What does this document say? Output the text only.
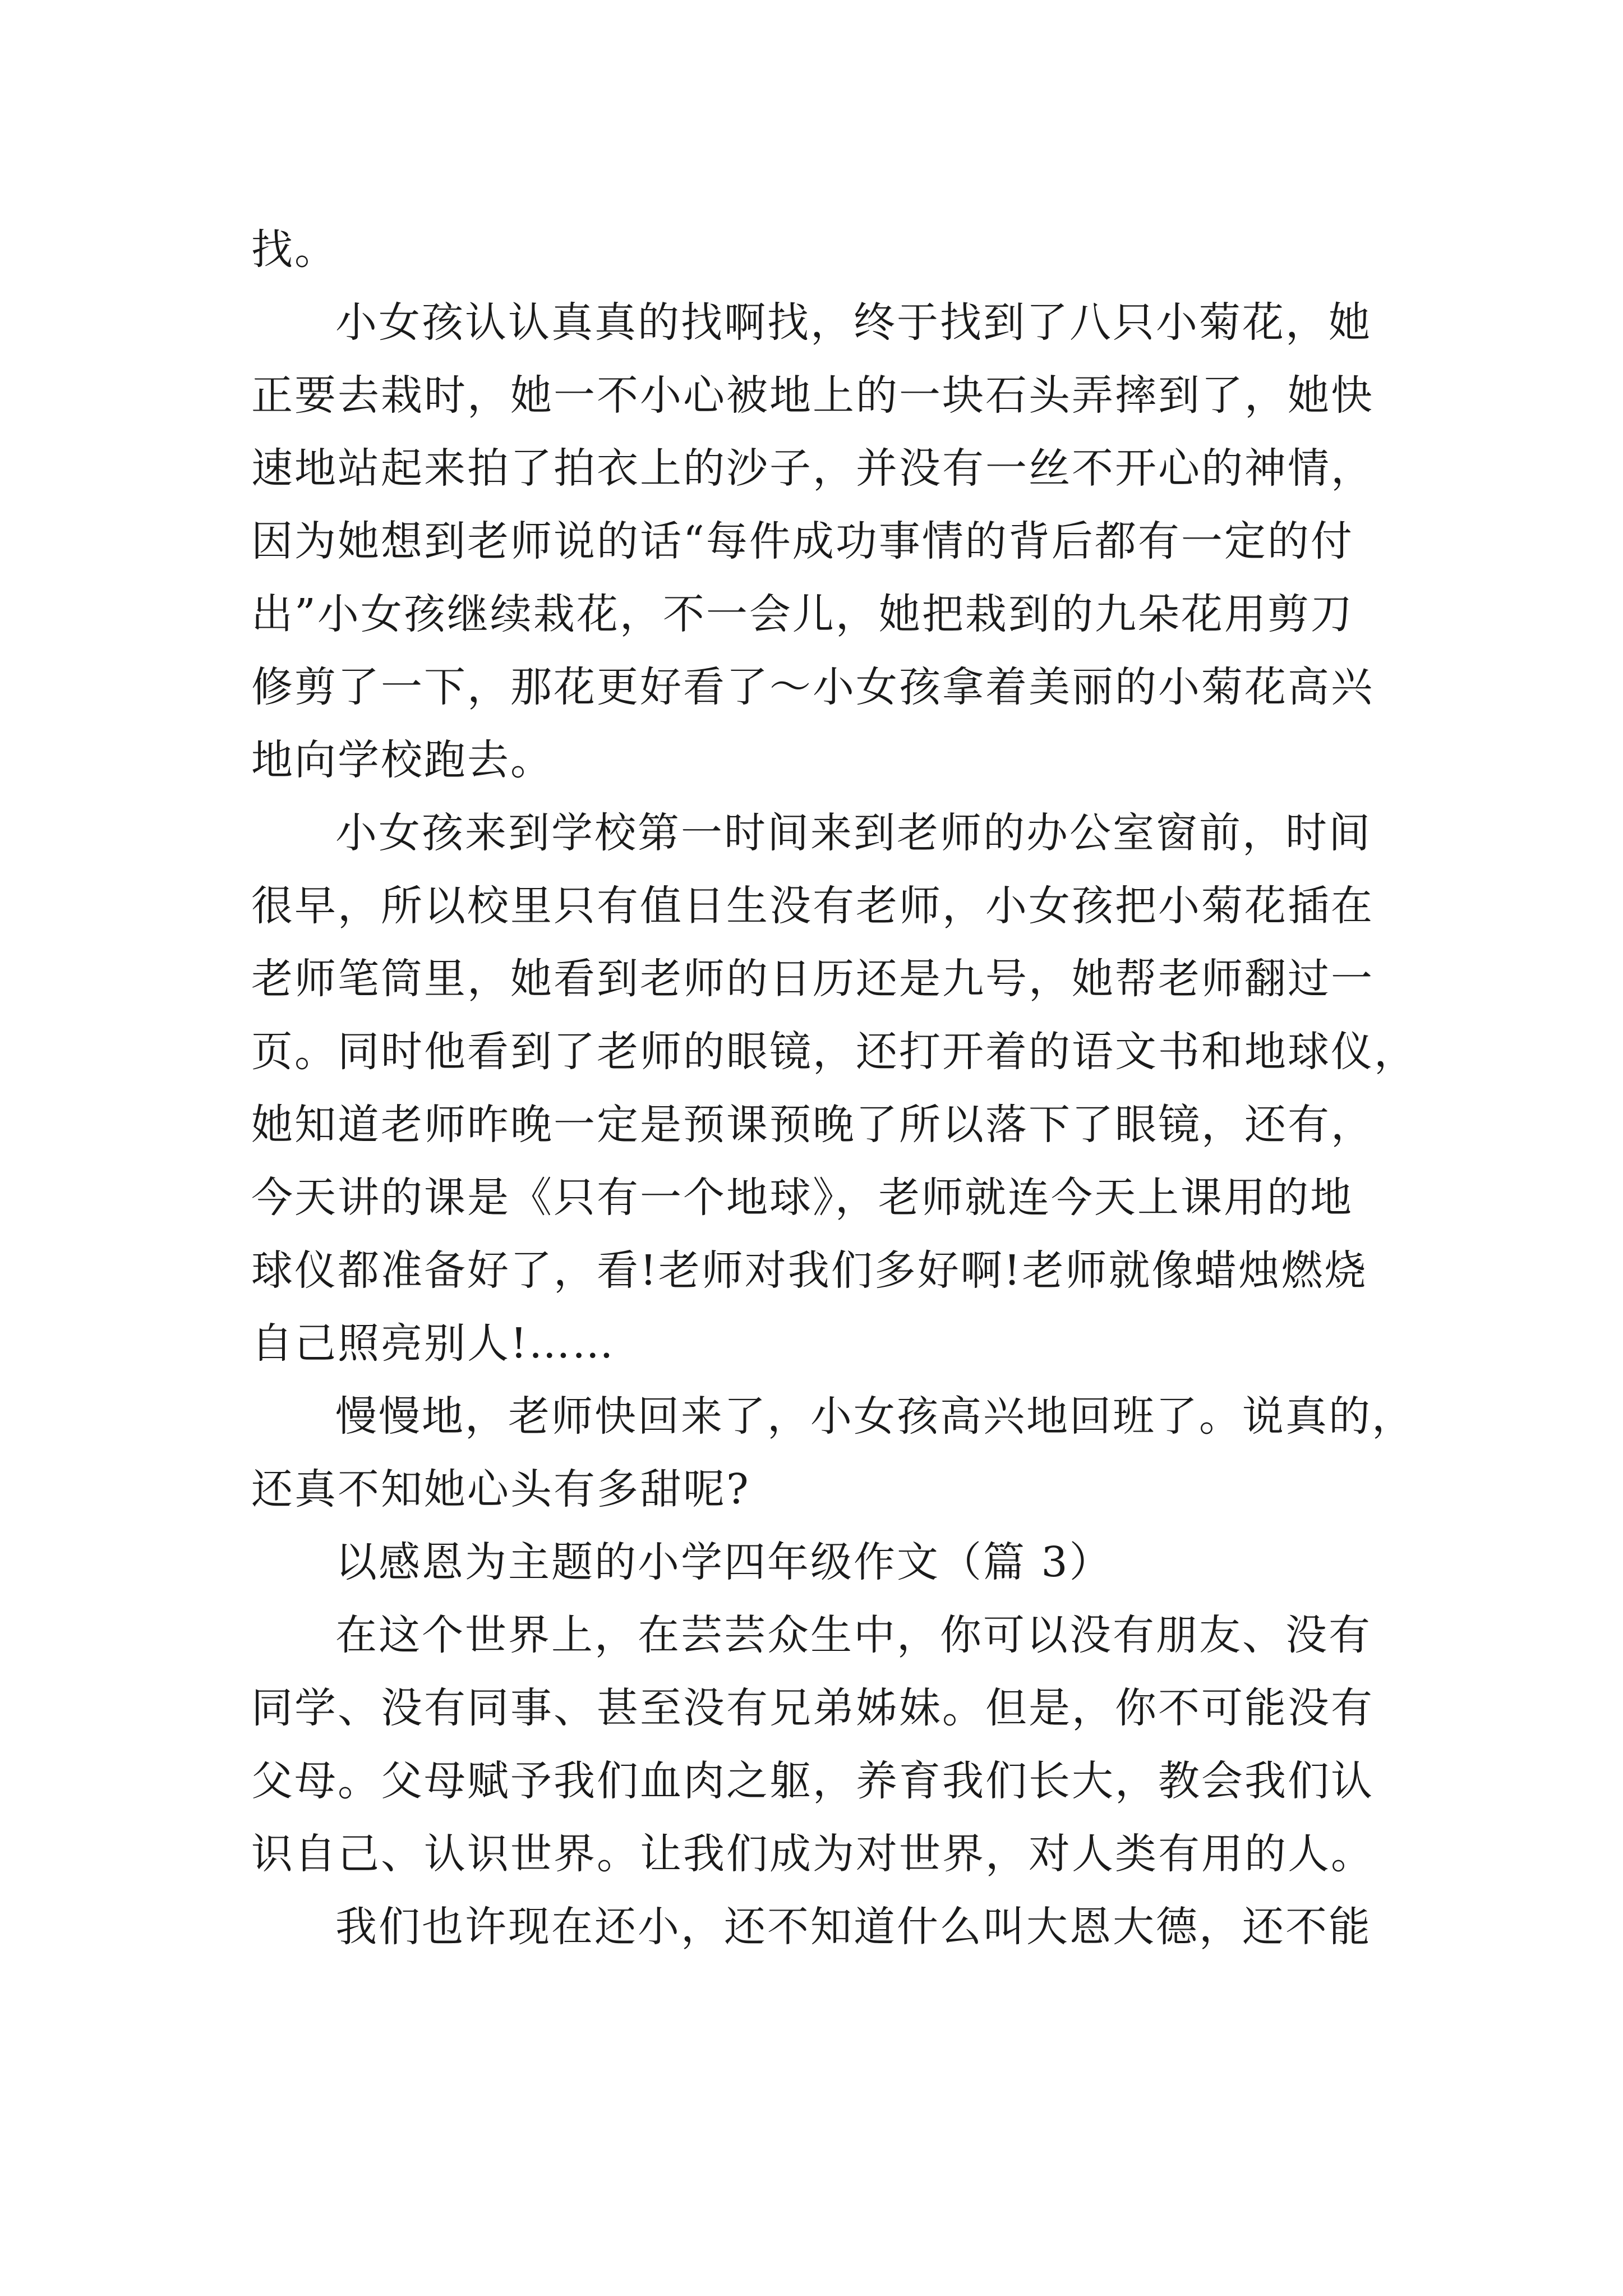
找。
小女孩认认真真的找啊找，终于找到了八只小菊花，她
正要去栽时，她一不小心被地上的一块石头弄摔到了，她快
速地站起来拍了拍衣上的沙子，并没有一丝不开心的神情，
因为她想到老师说的话“每件成功事情的背后都有一定的付
出”小女孩继续栽花，不一会儿，她把栽到的九朵花用剪刀
修剪了一下，那花更好看了～小女孩拿着美丽的小菊花高兴
地向学校跑去。
小女孩来到学校第一时间来到老师的办公室窗前，时间
很早，所以校里只有值日生没有老师，小女孩把小菊花插在
老师笔筒里，她看到老师的日历还是九号，她帮老师翻过一
页。同时他看到了老师的眼镜，还打开着的语文书和地球仪，
她知道老师昨晚一定是预课预晚了所以落下了眼镜，还有，
今天讲的课是《只有一个地球》，老师就连今天上课用的地
球仪都准备好了，看!老师对我们多好啊!老师就像蜡烛燃烧
自己照亮别人!……
慢慢地，老师快回来了，小女孩高兴地回班了。说真的，
还真不知她心头有多甜呢?
以感恩为主题的小学四年级作文（篇 3）
在这个世界上，在芸芸众生中，你可以没有朋友、没有
同学、没有同事、甚至没有兄弟姊妹。但是，你不可能没有
父母。父母赋予我们血肉之躯，养育我们长大，教会我们认
识自己、认识世界。让我们成为对世界，对人类有用的人。
我们也许现在还小，还不知道什么叫大恩大德，还不能
